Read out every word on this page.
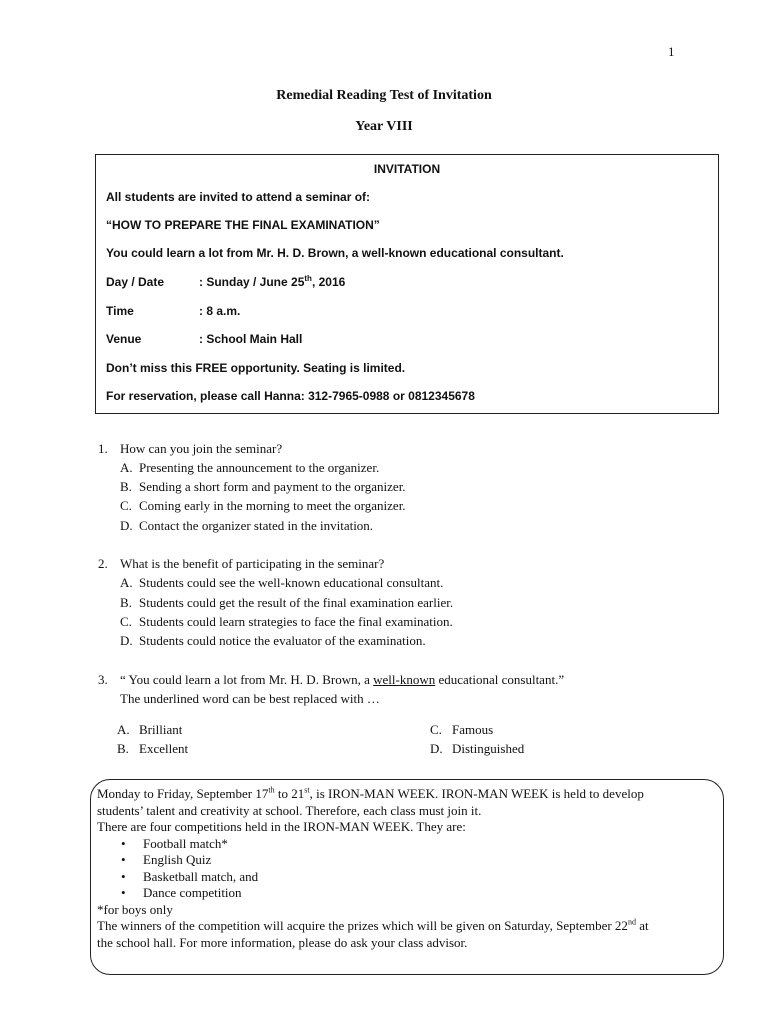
1
Remedial Reading Test of Invitation
Year VIII
INVITATION
All students are invited to attend a seminar of:
“HOW TO PREPARE THE FINAL EXAMINATION”
You could learn a lot from Mr. H. D. Brown, a well-known educational consultant.
Day / Date	: Sunday / June 25th, 2016
Time	: 8 a.m.
Venue	: School Main Hall
Don’t miss this FREE opportunity. Seating is limited.
For reservation, please call Hanna: 312-7965-0988 or 0812345678
1. How can you join the seminar?
A. Presenting the announcement to the organizer.
B. Sending a short form and payment to the organizer.
C. Coming early in the morning to meet the organizer.
D. Contact the organizer stated in the invitation.
2. What is the benefit of participating in the seminar?
A. Students could see the well-known educational consultant.
B. Students could get the result of the final examination earlier.
C. Students could learn strategies to face the final examination.
D. Students could notice the evaluator of the examination.
3. “ You could learn a lot from Mr. H. D. Brown, a well-known educational consultant.”
The underlined word can be best replaced with …
A. Brilliant
B. Excellent
C. Famous
D. Distinguished
Monday to Friday, September 17th to 21st, is IRON-MAN WEEK. IRON-MAN WEEK is held to develop
students’ talent and creativity at school. Therefore, each class must join it.
There are four competitions held in the IRON-MAN WEEK. They are:
• Football match*
• English Quiz
• Basketball match, and
• Dance competition
*for boys only
The winners of the competition will acquire the prizes which will be given on Saturday, September 22nd at
the school hall. For more information, please do ask your class advisor.
